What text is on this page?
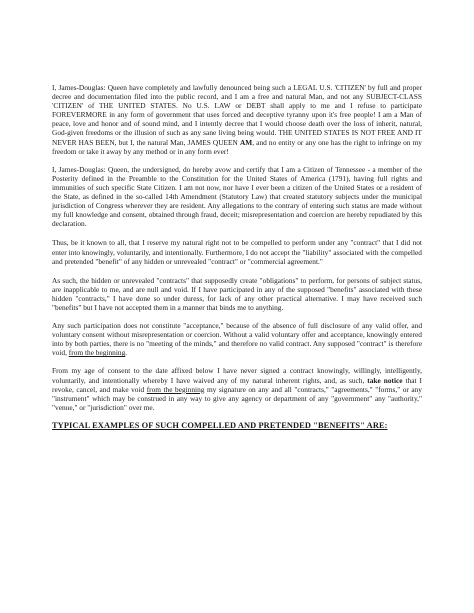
I, James-Douglas: Queen have completely and lawfully denounced being such a LEGAL U.S. 'CITIZEN' by full and proper decree and documentation filed into the public record, and I am a free and natural Man, and not any SUBJECT-CLASS 'CITIZEN' of THE UNITED STATES. No U.S. LAW or DEBT shall apply to me and I refuse to participate FOREVERMORE in any form of government that uses forced and deceptive tyranny upon it's free people! I am a Man of peace, love and honor and of sound mind, and I intently decree that I would choose death over the loss of inherit, natural, God-given freedoms or the illusion of such as any sane living being would. THE UNITED STATES IS NOT FREE AND IT NEVER HAS BEEN, but I, the natural Man, JAMES QUEEN AM, and no entity or any one has the right to infringe on my freedom or take it away by any method or in any form ever!

I, James-Douglas: Queen, the undersigned, do hereby avow and certify that I am a Citizen of Tennessee - a member of the Posterity defined in the Preamble to the Constitution for the United States of America (1791), having full rights and immunities of such specific State Citizen. I am not now, nor have I ever been a citizen of the United States or a resident of the State, as defined in the so-called 14th Amendment (Statutory Law) that created statutory subjects under the municipal jurisdiction of Congress wherever they are resident. Any allegations to the contrary of entering such status are made without my full knowledge and consent, obtained through fraud, deceit; misrepresentation and coercion are hereby repudiated by this declaration.

Thus, be it known to all, that I reserve my natural right not to be compelled to perform under any "contract" that I did not enter into knowingly, voluntarily, and intentionally. Furthermore, I do not accept the "liability" associated with the compelled and pretended "benefit" of any hidden or unrevealed "contract" or "commercial agreement."

As such, the hidden or unrevealed "contracts" that supposedly create "obligations" to perform, for persons of subject status, are inapplicable to me, and are null and void. If I have participated in any of the supposed "benefits" associated with these hidden "contracts," I have done so under duress, for lack of any other practical alternative. I may have received such "benefits" but I have not accepted them in a manner that binds me to anything.

Any such participation does not constitute "acceptance," because of the absence of full disclosure of any valid offer, and voluntary consent without misrepresentation or coercion. Without a valid voluntary offer and acceptance, knowingly entered into by both parties, there is no "meeting of the minds," and therefore no valid contract. Any supposed "contract" is therefore void, from the beginning.

From my age of consent to the date affixed below I have never signed a contract knowingly, willingly, intelligently, voluntarily, and intentionally whereby I have waived any of my natural inherent rights, and, as such, take notice that I revoke, cancel, and make void from the beginning my signature on any and all "contracts," "agreements," "forms," or any "instrument" which may be construed in any way to give any agency or department of any "government" any "authority," "venue," or "jurisdiction" over me.

TYPICAL EXAMPLES OF SUCH COMPELLED AND PRETENDED "BENEFITS" ARE:
